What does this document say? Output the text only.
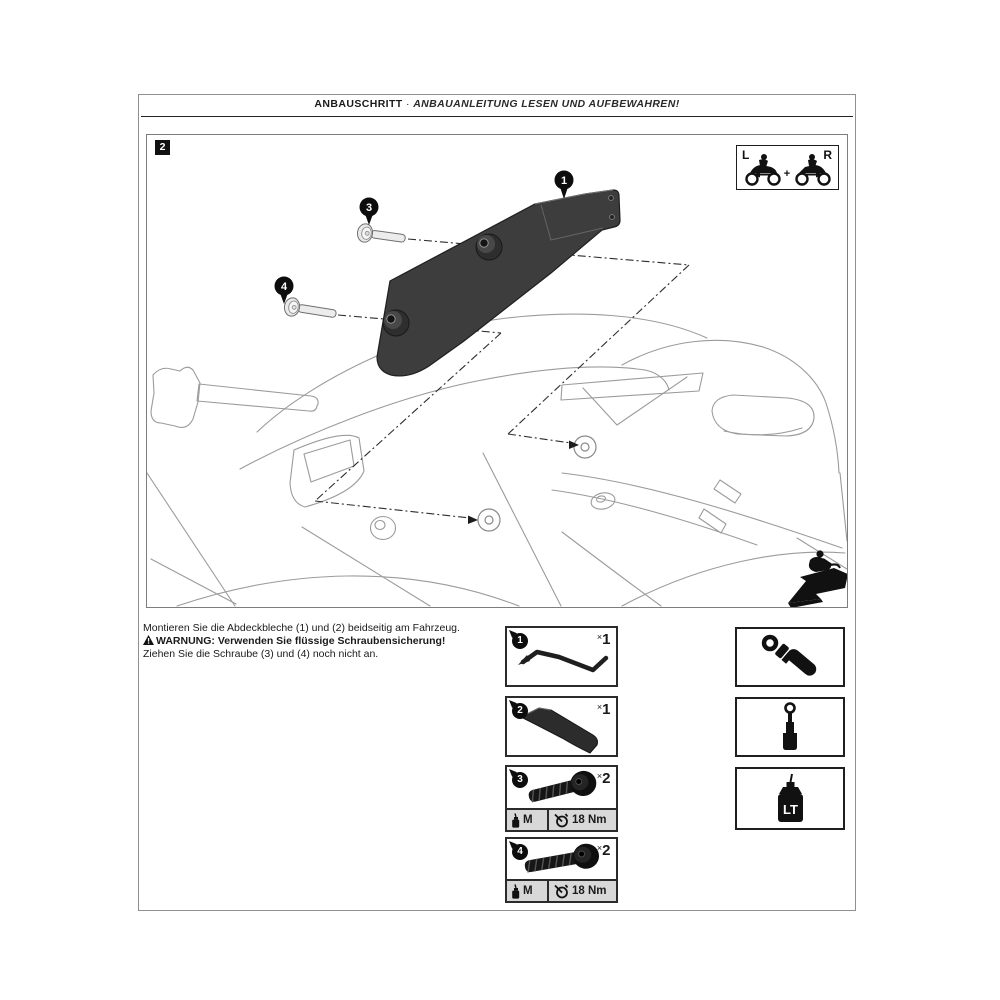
ANBAUSCHRITT · ANBAUANLEITUNG LESEN UND AUFBEWAHREN!
1
3
4
2
L	R
+
Montieren Sie die Abdeckbleche (1) und (2) beidseitig am Fahrzeug.
WARNUNG: Verwenden Sie flüssige Schraubensicherung!
Ziehen Sie die Schraube (3) und (4) noch nicht an.
1	×1
2	×1
3	×2
M	18 Nm
4	×2
M	18 Nm
LT
